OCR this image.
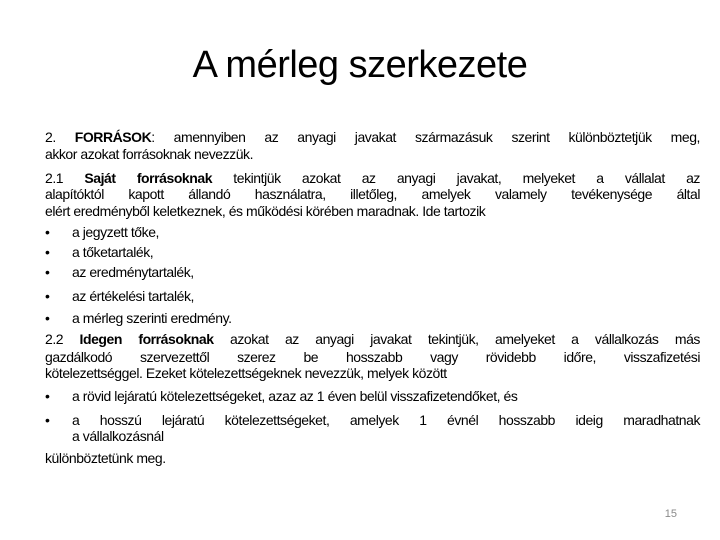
A mérleg szerkezete
2. FORRÁSOK: amennyiben az anyagi javakat származásuk szerint különböztetjük meg,
akkor azokat forrásoknak nevezzük.
2.1 Saját forrásoknak tekintjük azokat az anyagi javakat, melyeket a vállalat az
alapítóktól kapott állandó használatra, illetőleg, amelyek valamely tevékenysége által
elért eredményből keletkeznek, és működési körében maradnak. Ide tartozik
• a jegyzett tőke,
• a tőketartalék,
• az eredménytartalék,
• az értékelési tartalék,
• a mérleg szerinti eredmény.
2.2 Idegen forrásoknak azokat az anyagi javakat tekintjük, amelyeket a vállalkozás más
gazdálkodó szervezettől szerez be hosszabb vagy rövidebb időre, visszafizetési
kötelezettséggel. Ezeket kötelezettségeknek nevezzük, melyek között
• a rövid lejáratú kötelezettségeket, azaz az 1 éven belül visszafizetendőket, és
• a hosszú lejáratú kötelezettségeket, amelyek 1 évnél hosszabb ideig maradhatnak
a vállalkozásnál
különböztetünk meg.
15
